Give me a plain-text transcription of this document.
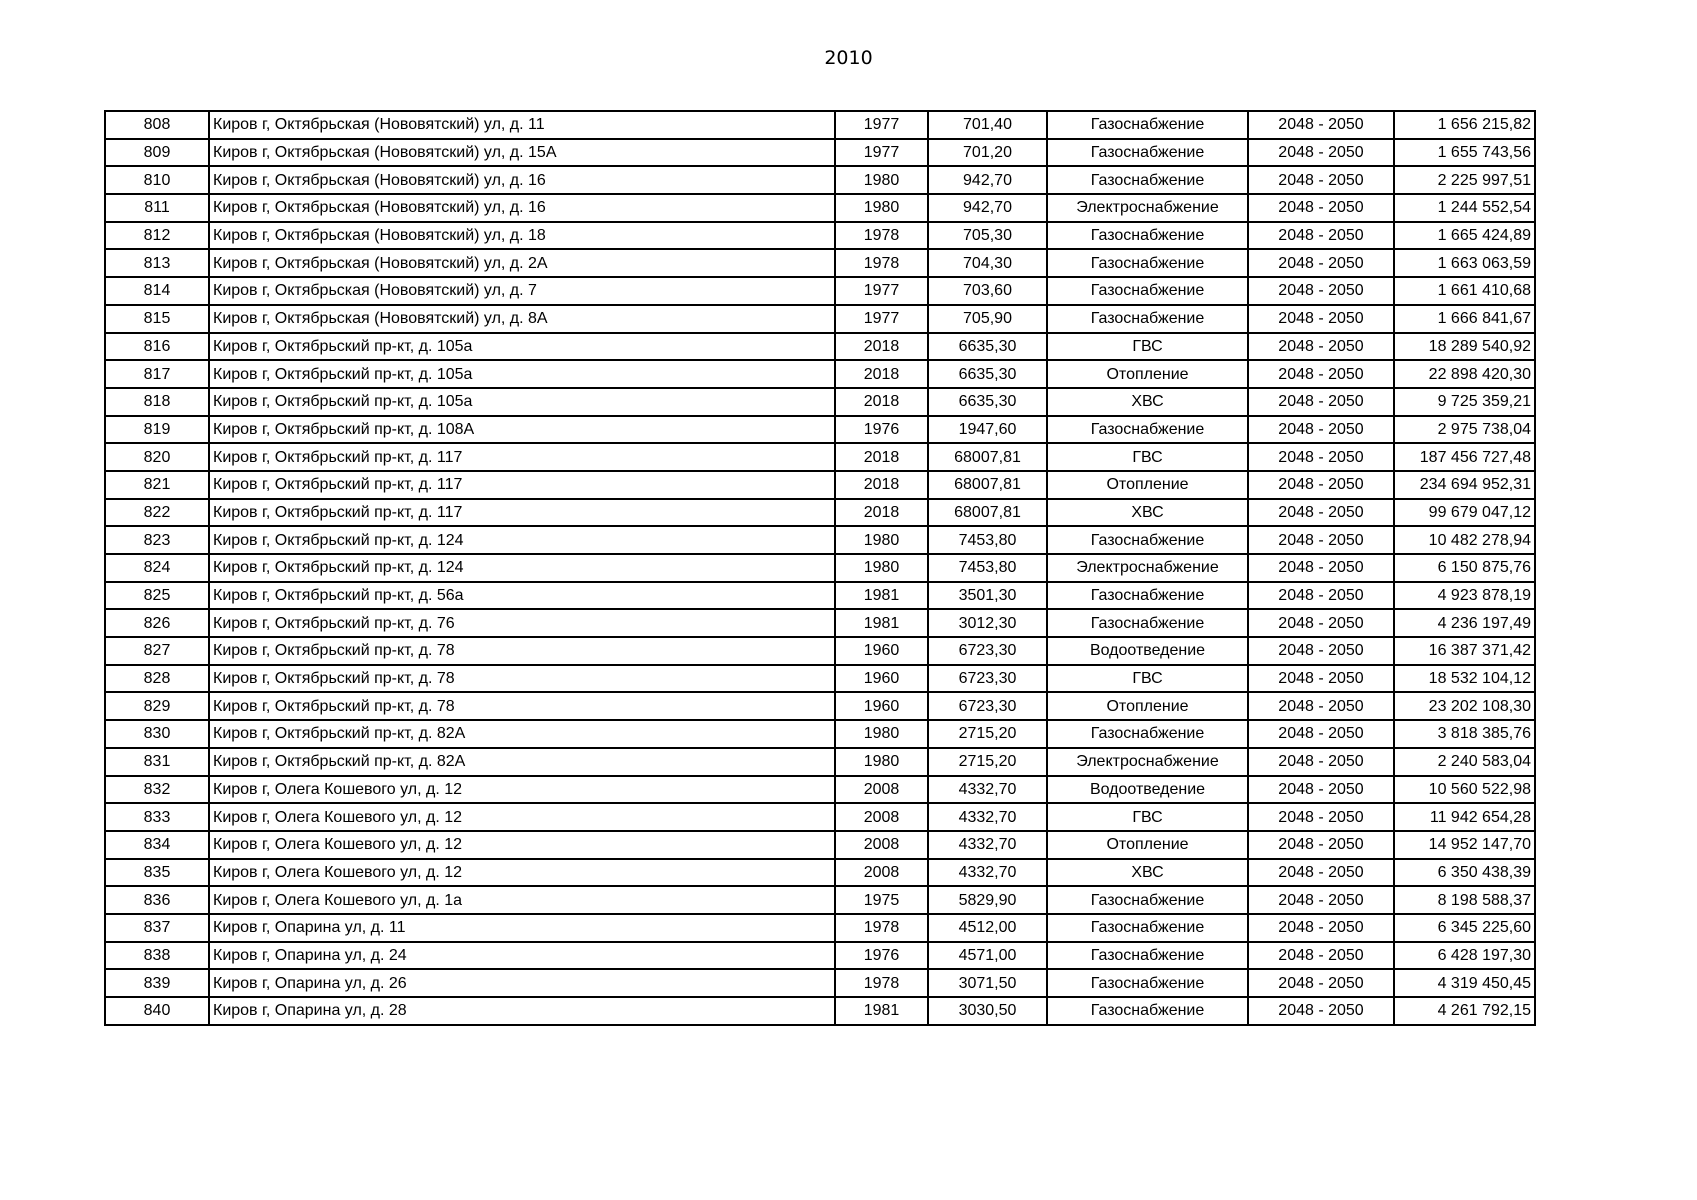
2010
808	Киров г, Октябрьская (Нововятский) ул, д. 11	1977	701,40	Газоснабжение	2048 - 2050	1 656 215,82
809	Киров г, Октябрьская (Нововятский) ул, д. 15А	1977	701,20	Газоснабжение	2048 - 2050	1 655 743,56
810	Киров г, Октябрьская (Нововятский) ул, д. 16	1980	942,70	Газоснабжение	2048 - 2050	2 225 997,51
811	Киров г, Октябрьская (Нововятский) ул, д. 16	1980	942,70	Электроснабжение	2048 - 2050	1 244 552,54
812	Киров г, Октябрьская (Нововятский) ул, д. 18	1978	705,30	Газоснабжение	2048 - 2050	1 665 424,89
813	Киров г, Октябрьская (Нововятский) ул, д. 2А	1978	704,30	Газоснабжение	2048 - 2050	1 663 063,59
814	Киров г, Октябрьская (Нововятский) ул, д. 7	1977	703,60	Газоснабжение	2048 - 2050	1 661 410,68
815	Киров г, Октябрьская (Нововятский) ул, д. 8А	1977	705,90	Газоснабжение	2048 - 2050	1 666 841,67
816	Киров г, Октябрьский пр-кт, д. 105а	2018	6635,30	ГВС	2048 - 2050	18 289 540,92
817	Киров г, Октябрьский пр-кт, д. 105а	2018	6635,30	Отопление	2048 - 2050	22 898 420,30
818	Киров г, Октябрьский пр-кт, д. 105а	2018	6635,30	ХВС	2048 - 2050	9 725 359,21
819	Киров г, Октябрьский пр-кт, д. 108А	1976	1947,60	Газоснабжение	2048 - 2050	2 975 738,04
820	Киров г, Октябрьский пр-кт, д. 117	2018	68007,81	ГВС	2048 - 2050	187 456 727,48
821	Киров г, Октябрьский пр-кт, д. 117	2018	68007,81	Отопление	2048 - 2050	234 694 952,31
822	Киров г, Октябрьский пр-кт, д. 117	2018	68007,81	ХВС	2048 - 2050	99 679 047,12
823	Киров г, Октябрьский пр-кт, д. 124	1980	7453,80	Газоснабжение	2048 - 2050	10 482 278,94
824	Киров г, Октябрьский пр-кт, д. 124	1980	7453,80	Электроснабжение	2048 - 2050	6 150 875,76
825	Киров г, Октябрьский пр-кт, д. 56а	1981	3501,30	Газоснабжение	2048 - 2050	4 923 878,19
826	Киров г, Октябрьский пр-кт, д. 76	1981	3012,30	Газоснабжение	2048 - 2050	4 236 197,49
827	Киров г, Октябрьский пр-кт, д. 78	1960	6723,30	Водоотведение	2048 - 2050	16 387 371,42
828	Киров г, Октябрьский пр-кт, д. 78	1960	6723,30	ГВС	2048 - 2050	18 532 104,12
829	Киров г, Октябрьский пр-кт, д. 78	1960	6723,30	Отопление	2048 - 2050	23 202 108,30
830	Киров г, Октябрьский пр-кт, д. 82А	1980	2715,20	Газоснабжение	2048 - 2050	3 818 385,76
831	Киров г, Октябрьский пр-кт, д. 82А	1980	2715,20	Электроснабжение	2048 - 2050	2 240 583,04
832	Киров г, Олега Кошевого ул, д. 12	2008	4332,70	Водоотведение	2048 - 2050	10 560 522,98
833	Киров г, Олега Кошевого ул, д. 12	2008	4332,70	ГВС	2048 - 2050	11 942 654,28
834	Киров г, Олега Кошевого ул, д. 12	2008	4332,70	Отопление	2048 - 2050	14 952 147,70
835	Киров г, Олега Кошевого ул, д. 12	2008	4332,70	ХВС	2048 - 2050	6 350 438,39
836	Киров г, Олега Кошевого ул, д. 1а	1975	5829,90	Газоснабжение	2048 - 2050	8 198 588,37
837	Киров г, Опарина ул, д. 11	1978	4512,00	Газоснабжение	2048 - 2050	6 345 225,60
838	Киров г, Опарина ул, д. 24	1976	4571,00	Газоснабжение	2048 - 2050	6 428 197,30
839	Киров г, Опарина ул, д. 26	1978	3071,50	Газоснабжение	2048 - 2050	4 319 450,45
840	Киров г, Опарина ул, д. 28	1981	3030,50	Газоснабжение	2048 - 2050	4 261 792,15
